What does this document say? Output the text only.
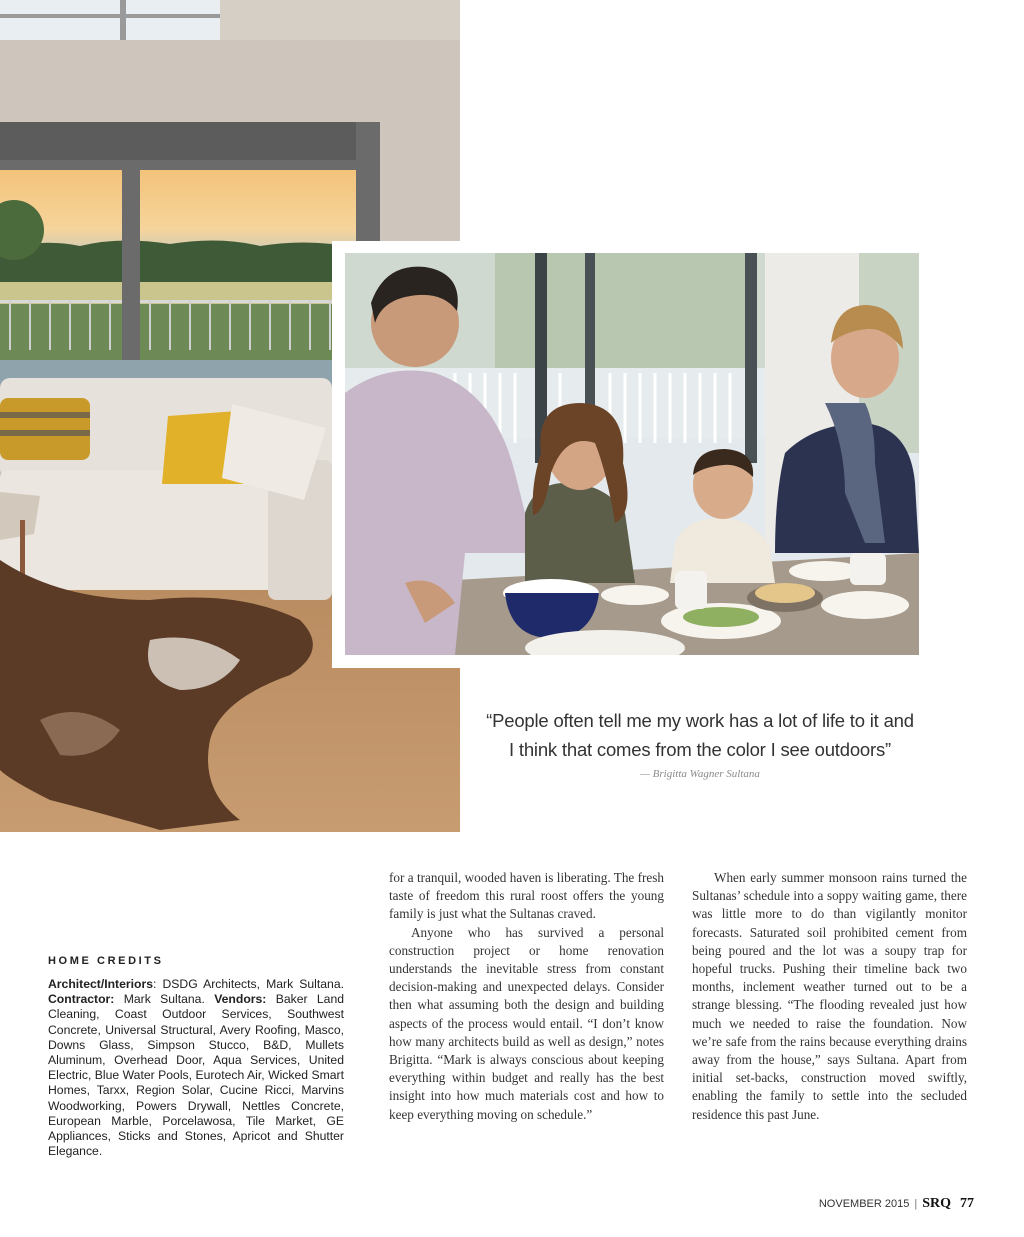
“People often tell me my work has a lot of life to it and

I think that comes from the color I see outdoors”

— Brigitta Wagner Sultana
HOME CREDITS

Architect/Interiors: DSDG Architects, Mark Sultana. Contractor: Mark Sultana. Vendors: Baker Land Cleaning, Coast Outdoor Services, Southwest Concrete, Universal Structural, Avery Roofing, Masco, Downs Glass, Simpson Stucco, B&D, Mullets Aluminum, Overhead Door, Aqua Services, United Electric, Blue Water Pools, Eurotech Air, Wicked Smart Homes, Tarxx, Region Solar, Cucine Ricci, Marvins Woodworking, Powers Drywall, Nettles Concrete, European Marble, Porcelawosa, Tile Market, GE Appliances, Sticks and Stones, Apricot and Shutter Elegance.

for a tranquil, wooded haven is liberating. The fresh taste of freedom this rural roost offers the young family is just what the Sultanas craved.

Anyone who has survived a personal construction project or home renovation understands the inevitable stress from constant decision-making and unexpected delays. Consider then what assuming both the design and building aspects of the process would entail. “I don’t know how many architects build as well as design,” notes Brigitta. “Mark is always conscious about keeping everything within budget and really has the best insight into how much materials cost and how to keep everything moving on schedule.”

When early summer monsoon rains turned the Sultanas’ schedule into a soppy waiting game, there was little more to do than vigilantly monitor forecasts. Saturated soil prohibited cement from being poured and the lot was a soupy trap for hopeful trucks. Pushing their timeline back two months, inclement weather turned out to be a strange blessing. “The flooding revealed just how much we needed to raise the foundation. Now we’re safe from the rains because everything drains away from the house,” says Sultana. Apart from initial set-backs, construction moved swiftly, enabling the family to settle into the secluded residence this past June.

NOVEMBER 2015 | SRQ 77
